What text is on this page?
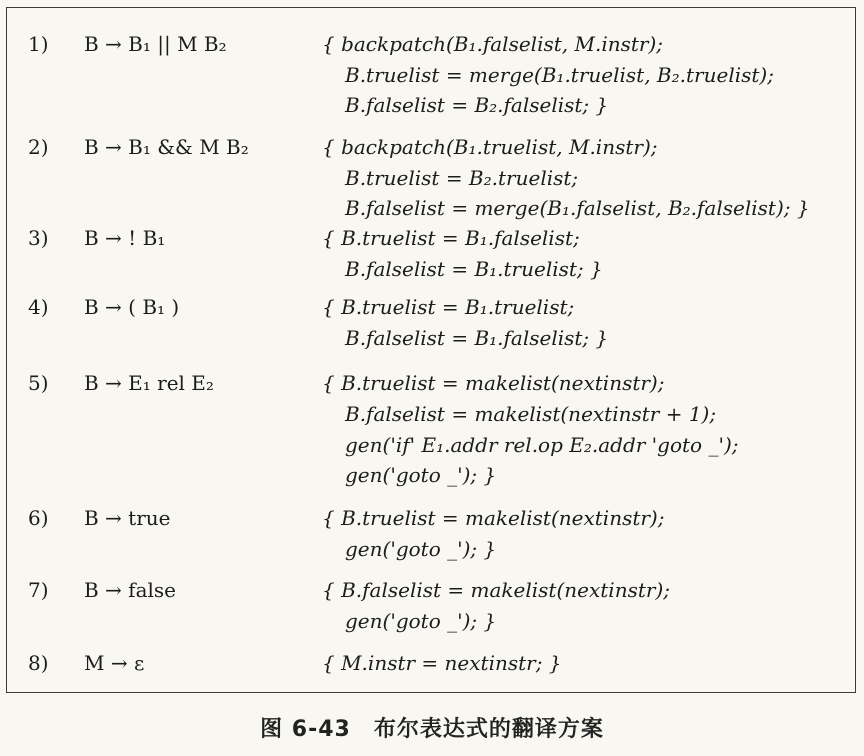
1) B → B₁ || M B₂	{ backpatch(B₁.falselist, M.instr);
B.truelist = merge(B₁.truelist, B₂.truelist);
B.falselist = B₂.falselist; }
2) B → B₁ && M B₂	{ backpatch(B₁.truelist, M.instr);
B.truelist = B₂.truelist;
B.falselist = merge(B₁.falselist, B₂.falselist); }
3) B → ! B₁	{ B.truelist = B₁.falselist;
B.falselist = B₁.truelist; }
4) B → ( B₁ )	{ B.truelist = B₁.truelist;
B.falselist = B₁.falselist; }
5) B → E₁ rel E₂	{ B.truelist = makelist(nextinstr);
B.falselist = makelist(nextinstr + 1);
gen('if' E₁.addr rel.op E₂.addr 'goto _');
gen('goto _'); }
6) B → true	{ B.truelist = makelist(nextinstr);
gen('goto _'); }
7) B → false	{ B.falselist = makelist(nextinstr);
gen('goto _'); }
8) M → ε	{ M.instr = nextinstr; }
图 6-43　布尔表达式的翻译方案
